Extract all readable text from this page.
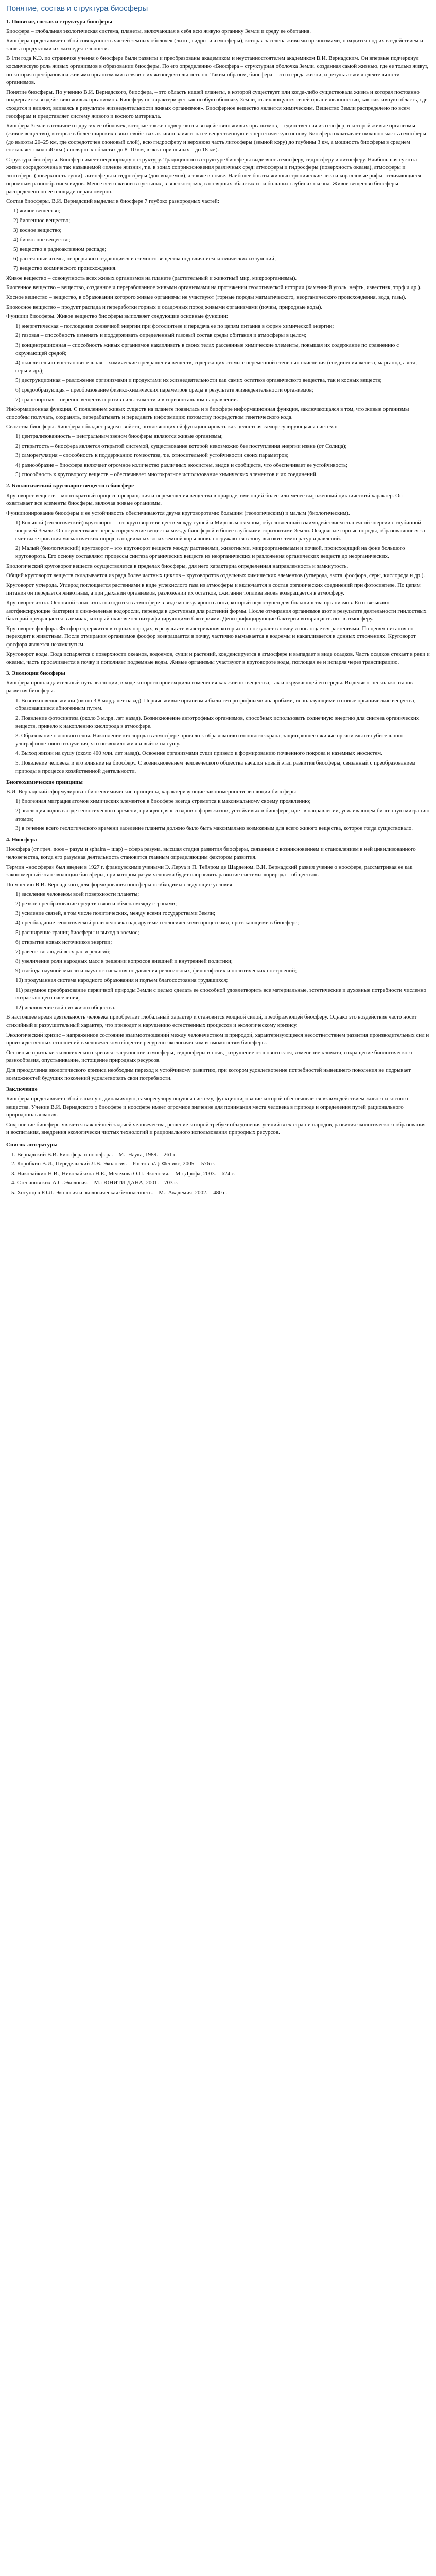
Понятие, состав и структура биосферы

1. Понятие, состав и структура биосферы

Биосфера – глобальная экологическая система, планеты, включающая в себя всю живую органику Земли и среду ее обитания.

Биосфера представляет собой совокупность частей земных оболочек (лито-, гидро- и атмосферы), которая заселена живыми организмами, находится под их воздействием и занята продуктами их жизнедеятельности.

В 1ти года К.Э. по страничке учения о биосфере были развиты и преобразованы академиком и неустанностоятелем академиком В.И. Вернадским. Он впервые подчеркнул космическую роль живых организмов в образовании биосферы. По его определению «Биосфера – структурная оболочка Земли, созданная самой жизнью, где ее только живут, но которая преобразована живыми организмами в связи с их жизнедеятельностью». Таким образом, биосфера – это и среда жизни, и результат жизнедеятельности организмов.

Понятие биосферы. По учению В.И. Вернадского, биосфера, – это область нашей планеты, в которой существует или когда-либо существовала жизнь и которая постоянно подвергается воздействию живых организмов. Биосферу он характеризует как особую оболочку Земли, отличающуюся своей организованностью, как «активную область, где сходятся и влияют, вливаясь в результате жизнедеятельности живых организмов». Биосферное вещество является химическим. Вещество Земли распределено по всем геосферам и представляет систему живого и косного материала.

Биосфера Земли в отличие от других ее оболочек, которые также подвергаются воздействию живых организмов, – единственная из геосфер, в которой живые организмы (живое вещество), которые в более широких своих свойствах активно влияют на ее вещественную и энергетическую основу. Биосфера охватывает нижнюю часть атмосферы (до высоты 20–25 км, где сосредоточен озоновый слой), всю гидросферу и верхнюю часть литосферы (земной кору) до глубины 3 км, а мощность биосферы в среднем составляет около 40 км (в полярных областях до 8–10 км, в экваториальных – до 18 км).

Структура биосферы. Биосфера имеет неоднородную структуру. Традиционно в структуре биосферы выделяют атмосферу, гидросферу и литосферу. Наибольшая густота жизни сосредоточена в так называемой «пленке жизни», т.е. в зонах соприкосновения различных сред: атмосферы и гидросферы (поверхность океана), атмосферы и литосферы (поверхность суши), литосферы и гидросферы (дно водоемов), а также в почве. Наиболее богаты жизнью тропические леса и коралловые рифы, отличающиеся огромным разнообразием видов. Менее всего жизни в пустынях, в высокогорьях, в полярных областях и на больших глубинах океана. Живое вещество биосферы распределено по ее площади неравномерно.

Состав биосферы. В.И. Вернадский выделил в биосфере 7 глубоко разнородных частей:

1) живое вещество;

2) биогенное вещество;

3) косное вещество;

4) биокосное вещество;

5) вещество в радиоактивном распаде;

6) рассеянные атомы, непрерывно создающиеся из земного вещества под влиянием космических излучений;

7) вещество космического происхождения.

Живое вещество – совокупность всех живых организмов на планете (растительный и животный мир, микроорганизмы).

Биогенное вещество – вещество, созданное и переработанное живыми организмами на протяжении геологической истории (каменный уголь, нефть, известняк, торф и др.).

Косное вещество – вещество, в образовании которого живые организмы не участвуют (горные породы магматического, неорганического происхождения, вода, газы).

Биокосное вещество – продукт распада и переработки горных и осадочных пород живыми организмами (почвы, природные воды).

Функции биосферы. Живое вещество биосферы выполняет следующие основные функции:

1) энергетическая – поглощение солнечной энергии при фотосинтезе и передача ее по цепям питания в форме химической энергии;

2) газовая – способность изменять и поддерживать определенный газовый состав среды обитания и атмосферы в целом;

3) концентрационная – способность живых организмов накапливать в своих телах рассеянные химические элементы, повышая их содержание по сравнению с окружающей средой;

4) окислительно-восстановительная – химические превращения веществ, содержащих атомы с переменной степенью окисления (соединения железа, марганца, азота, серы и др.);

5) деструкционная – разложение организмами и продуктами их жизнедеятельности как самих остатков органического вещества, так и косных веществ;

6) средообразующая – преобразование физико-химических параметров среды в результате жизнедеятельности организмов;

7) транспортная – перенос вещества против силы тяжести и в горизонтальном направлении.

Информационная функция. С появлением живых существ на планете появилась и в биосфере информационная функция, заключающаяся в том, что живые организмы способны получать, сохранять, перерабатывать и передавать информацию потомству посредством генетического кода.

Свойства биосферы. Биосфера обладает рядом свойств, позволяющих ей функционировать как целостная саморегулирующаяся система:

1) централизованность – центральным звеном биосферы являются живые организмы;

2) открытость – биосфера является открытой системой, существование которой невозможно без поступления энергии извне (от Солнца);

3) саморегуляция – способность к поддержанию гомеостаза, т.е. относительной устойчивости своих параметров;

4) разнообразие – биосфера включает огромное количество различных экосистем, видов и сообществ, что обеспечивает ее устойчивость;

5) способность к круговороту веществ – обеспечивает многократное использование химических элементов и их соединений.

2. Биологический круговорот веществ в биосфере

Круговорот веществ – многократный процесс превращения и перемещения вещества в природе, имеющий более или менее выраженный циклический характер. Он охватывает все элементы биосферы, включая живые организмы.

Функционирование биосферы и ее устойчивость обеспечиваются двумя круговоротами: большим (геологическим) и малым (биологическим).

1) Большой (геологический) круговорот – это круговорот веществ между сушей и Мировым океаном, обусловленный взаимодействием солнечной энергии с глубинной энергией Земли. Он осуществляет перераспределение вещества между биосферой и более глубокими горизонтами Земли. Осадочные горные породы, образовавшиеся за счет выветривания магматических пород, в подвижных зонах земной коры вновь погружаются в зону высоких температур и давлений.

2) Малый (биологический) круговорот – это круговорот веществ между растениями, животными, микроорганизмами и почвой, происходящий на фоне большого круговорота. Его основу составляют процессы синтеза органических веществ из неорганических и разложения органических веществ до неорганических.

Биологический круговорот веществ осуществляется в пределах биосферы, для него характерна определенная направленность и замкнутость.

Общий круговорот веществ складывается из ряда более частных циклов – круговоротов отдельных химических элементов (углерода, азота, фосфора, серы, кислорода и др.).

Круговорот углерода. Углерод поглощается растениями в виде углекислого газа из атмосферы и включается в состав органических соединений при фотосинтезе. По цепям питания он передается животным, а при дыхании организмов, разложении их остатков, сжигании топлива вновь возвращается в атмосферу.

Круговорот азота. Основной запас азота находится в атмосфере в виде молекулярного азота, который недоступен для большинства организмов. Его связывают азотфиксирующие бактерии и сине-зеленые водоросли, переводя в доступные для растений формы. После отмирания организмов азот в результате деятельности гнилостных бактерий превращается в аммиак, который окисляется нитрифицирующими бактериями. Денитрифицирующие бактерии возвращают азот в атмосферу.

Круговорот фосфора. Фосфор содержится в горных породах, в результате выветривания которых он поступает в почву и поглощается растениями. По цепям питания он переходит к животным. После отмирания организмов фосфор возвращается в почву, частично вымывается в водоемы и накапливается в донных отложениях. Круговорот фосфора является незамкнутым.

Круговорот воды. Вода испаряется с поверхности океанов, водоемов, суши и растений, конденсируется в атмосфере и выпадает в виде осадков. Часть осадков стекает в реки и океаны, часть просачивается в почву и пополняет подземные воды. Живые организмы участвуют в круговороте воды, поглощая ее и испаряя через транспирацию.

3. Эволюция биосферы

Биосфера прошла длительный путь эволюции, в ходе которого происходили изменения как живого вещества, так и окружающей его среды. Выделяют несколько этапов развития биосферы.

1. Возникновение жизни (около 3,8 млрд. лет назад). Первые живые организмы были гетеротрофными анаэробами, использующими готовые органические вещества, образовавшиеся абиогенным путем.

2. Появление фотосинтеза (около 3 млрд. лет назад). Возникновение автотрофных организмов, способных использовать солнечную энергию для синтеза органических веществ, привело к накоплению кислорода в атмосфере.

3. Образование озонового слоя. Накопление кислорода в атмосфере привело к образованию озонового экрана, защищающего живые организмы от губительного ультрафиолетового излучения, что позволило жизни выйти на сушу.

4. Выход жизни на сушу (около 400 млн. лет назад). Освоение организмами суши привело к формированию почвенного покрова и наземных экосистем.

5. Появление человека и его влияние на биосферу. С возникновением человеческого общества начался новый этап развития биосферы, связанный с преобразованием природы в процессе хозяйственной деятельности.

Биогеохимические принципы

В.И. Вернадский сформулировал биогеохимические принципы, характеризующие закономерности эволюции биосферы:

1) биогенная миграция атомов химических элементов в биосфере всегда стремится к максимальному своему проявлению;

2) эволюция видов в ходе геологического времени, приводящая к созданию форм жизни, устойчивых в биосфере, идет в направлении, усиливающем биогенную миграцию атомов;

3) в течение всего геологического времени заселение планеты должно было быть максимально возможным для всего живого вещества, которое тогда существовало.

4. Ноосфера

Ноосфера (от греч. noos – разум и sphaira – шар) – сфера разума, высшая стадия развития биосферы, связанная с возникновением и становлением в ней цивилизованного человечества, когда его разумная деятельность становится главным определяющим фактором развития.

Термин «ноосфера» был введен в 1927 г. французскими учеными Э. Леруа и П. Тейяром де Шарденом. В.И. Вернадский развил учение о ноосфере, рассматривая ее как закономерный этап эволюции биосферы, при котором разум человека будет направлять развитие системы «природа – общество».

По мнению В.И. Вернадского, для формирования ноосферы необходимы следующие условия:

1) заселение человеком всей поверхности планеты;

2) резкое преобразование средств связи и обмена между странами;

3) усиление связей, в том числе политических, между всеми государствами Земли;

4) преобладание геологической роли человека над другими геологическими процессами, протекающими в биосфере;

5) расширение границ биосферы и выход в космос;

6) открытие новых источников энергии;

7) равенство людей всех рас и религий;

8) увеличение роли народных масс в решении вопросов внешней и внутренней политики;

9) свобода научной мысли и научного искания от давления религиозных, философских и политических построений;

10) продуманная система народного образования и подъем благосостояния трудящихся;

11) разумное преобразование первичной природы Земли с целью сделать ее способной удовлетворить все материальные, эстетические и духовные потребности численно возрастающего населения;

12) исключение войн из жизни общества.

В настоящее время деятельность человека приобретает глобальный характер и становится мощной силой, преобразующей биосферу. Однако это воздействие часто носит стихийный и разрушительный характер, что приводит к нарушению естественных процессов и экологическому кризису.

Экологический кризис – напряженное состояние взаимоотношений между человечеством и природой, характеризующееся несоответствием развития производительных сил и производственных отношений в человеческом обществе ресурсно-экологическим возможностям биосферы.

Основные признаки экологического кризиса: загрязнение атмосферы, гидросферы и почв, разрушение озонового слоя, изменение климата, сокращение биологического разнообразия, опустынивание, истощение природных ресурсов.

Для преодоления экологического кризиса необходим переход к устойчивому развитию, при котором удовлетворение потребностей нынешнего поколения не подрывает возможностей будущих поколений удовлетворять свои потребности.

Заключение

Биосфера представляет собой сложную, динамичную, саморегулирующуюся систему, функционирование которой обеспечивается взаимодействием живого и косного вещества. Учение В.И. Вернадского о биосфере и ноосфере имеет огромное значение для понимания места человека в природе и определения путей рационального природопользования.

Сохранение биосферы является важнейшей задачей человечества, решение которой требует объединения усилий всех стран и народов, развития экологического образования и воспитания, внедрения экологически чистых технологий и рационального использования природных ресурсов.

Список литературы

1. Вернадский В.И. Биосфера и ноосфера. – М.: Наука, 1989. – 261 с.

2. Коробкин В.И., Передельский Л.В. Экология. – Ростов н/Д: Феникс, 2005. – 576 с.

3. Николайкин Н.И., Николайкина Н.Е., Мелехова О.П. Экология. – М.: Дрофа, 2003. – 624 с.

4. Степановских А.С. Экология. – М.: ЮНИТИ-ДАНА, 2001. – 703 с.

5. Хотунцев Ю.Л. Экология и экологическая безопасность. – М.: Академия, 2002. – 480 с.
